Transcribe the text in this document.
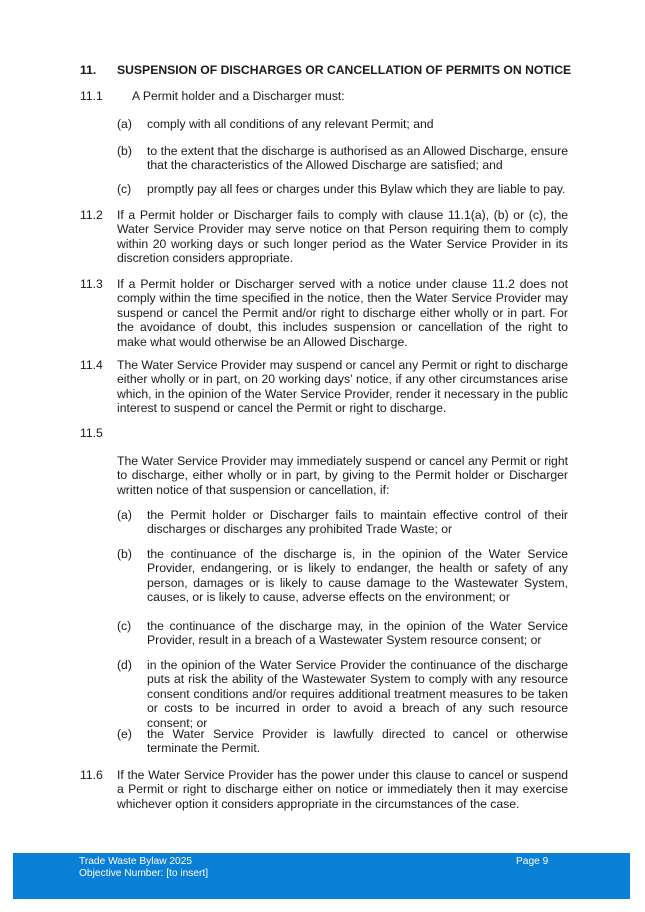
11. SUSPENSION OF DISCHARGES OR CANCELLATION OF PERMITS ON NOTICE
11.1	A Permit holder and a Discharger must:
(a)	comply with all conditions of any relevant Permit; and
(b)	to the extent that the discharge is authorised as an Allowed Discharge, ensure that the characteristics of the Allowed Discharge are satisfied; and
(c)	promptly pay all fees or charges under this Bylaw which they are liable to pay.
11.2	If a Permit holder or Discharger fails to comply with clause 11.1(a), (b) or (c), the Water Service Provider may serve notice on that Person requiring them to comply within 20 working days or such longer period as the Water Service Provider in its discretion considers appropriate.
11.3	If a Permit holder or Discharger served with a notice under clause 11.2 does not comply within the time specified in the notice, then the Water Service Provider may suspend or cancel the Permit and/or right to discharge either wholly or in part. For the avoidance of doubt, this includes suspension or cancellation of the right to make what would otherwise be an Allowed Discharge.
11.4	The Water Service Provider may suspend or cancel any Permit or right to discharge either wholly or in part, on 20 working days’ notice, if any other circumstances arise which, in the opinion of the Water Service Provider, render it necessary in the public interest to suspend or cancel the Permit or right to discharge.
11.5
The Water Service Provider may immediately suspend or cancel any Permit or right to discharge, either wholly or in part, by giving to the Permit holder or Discharger written notice of that suspension or cancellation, if:
(a)	the Permit holder or Discharger fails to maintain effective control of their discharges or discharges any prohibited Trade Waste; or
(b)	the continuance of the discharge is, in the opinion of the Water Service Provider, endangering, or is likely to endanger, the health or safety of any person, damages or is likely to cause damage to the Wastewater System, causes, or is likely to cause, adverse effects on the environment; or
(c)	the continuance of the discharge may, in the opinion of the Water Service Provider, result in a breach of a Wastewater System resource consent; or
(d)	in the opinion of the Water Service Provider the continuance of the discharge puts at risk the ability of the Wastewater System to comply with any resource consent conditions and/or requires additional treatment measures to be taken or costs to be incurred in order to avoid a breach of any such resource consent; or
(e)	the Water Service Provider is lawfully directed to cancel or otherwise terminate the Permit.
11.6	If the Water Service Provider has the power under this clause to cancel or suspend a Permit or right to discharge either on notice or immediately then it may exercise whichever option it considers appropriate in the circumstances of the case.
Trade Waste Bylaw 2025
Objective Number: [to insert]
Page 9
